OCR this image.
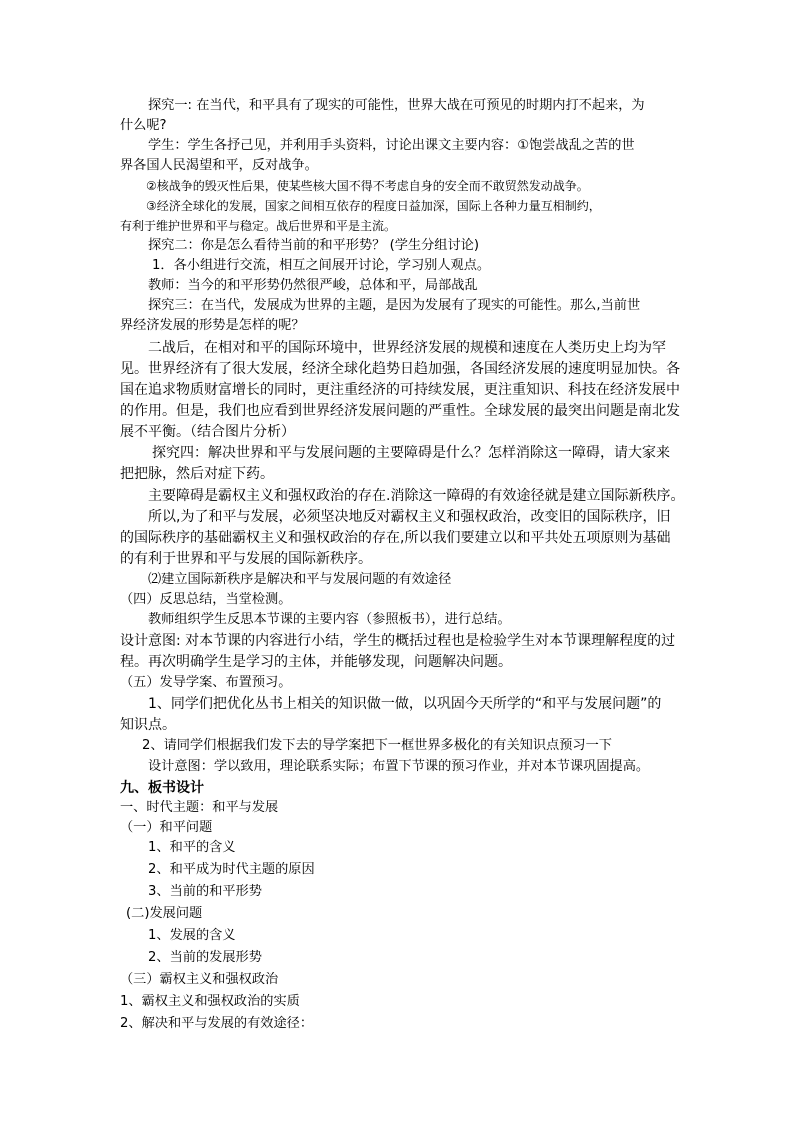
探究一: 在当代，和平具有了现实的可能性，世界大战在可预见的时期内打不起来，为
什么呢?
学生：学生各抒己见，并利用手头资料，讨论出课文主要内容：①饱尝战乱之苦的世
界各国人民渴望和平，反对战争。
②核战争的毁灭性后果，使某些核大国不得不考虑自身的安全而不敢贸然发动战争。
③经济全球化的发展，国家之间相互依存的程度日益加深，国际上各种力量互相制约，
有利于维护世界和平与稳定。战后世界和平是主流。
探究二：你是怎么看待当前的和平形势？ (学生分组讨论)
1．各小组进行交流，相互之间展开讨论，学习别人观点。
教师：当今的和平形势仍然很严峻，总体和平，局部战乱
探究三：在当代，发展成为世界的主题，是因为发展有了现实的可能性。那么,当前世
界经济发展的形势是怎样的呢？
二战后，在相对和平的国际环境中，世界经济发展的规模和速度在人类历史上均为罕
见。世界经济有了很大发展，经济全球化趋势日趋加强，各国经济发展的速度明显加快。各
国在追求物质财富增长的同时，更注重经济的可持续发展，更注重知识、科技在经济发展中
的作用。但是，我们也应看到世界经济发展问题的严重性。全球发展的最突出问题是南北发
展不平衡。（结合图片分析）
探究四：解决世界和平与发展问题的主要障碍是什么？怎样消除这一障碍，请大家来
把把脉，然后对症下药。
主要障碍是霸权主义和强权政治的存在.消除这一障碍的有效途径就是建立国际新秩序。
所以,为了和平与发展，必须坚决地反对霸权主义和强权政治，改变旧的国际秩序，旧
的国际秩序的基础霸权主义和强权政治的存在,所以我们要建立以和平共处五项原则为基础
的有利于世界和平与发展的国际新秩序。
⑵建立国际新秩序是解决和平与发展问题的有效途径
（四）反思总结，当堂检测。
教师组织学生反思本节课的主要内容（参照板书），进行总结。
设计意图: 对本节课的内容进行小结，学生的概括过程也是检验学生对本节课理解程度的过
程。再次明确学生是学习的主体，并能够发现，问题解决问题。
（五）发导学案、布置预习。
1、同学们把优化丛书上相关的知识做一做，以巩固今天所学的“和平与发展问题”的
知识点。
2、请同学们根据我们发下去的导学案把下一框世界多极化的有关知识点预习一下
设计意图：学以致用，理论联系实际；布置下节课的预习作业，并对本节课巩固提高。
九、板书设计
一、时代主题：和平与发展
（一）和平问题
1、和平的含义
2、和平成为时代主题的原因
3、当前的和平形势
(二)发展问题
1、发展的含义
2、当前的发展形势
（三）霸权主义和强权政治
1、霸权主义和强权政治的实质
2、解决和平与发展的有效途径：
